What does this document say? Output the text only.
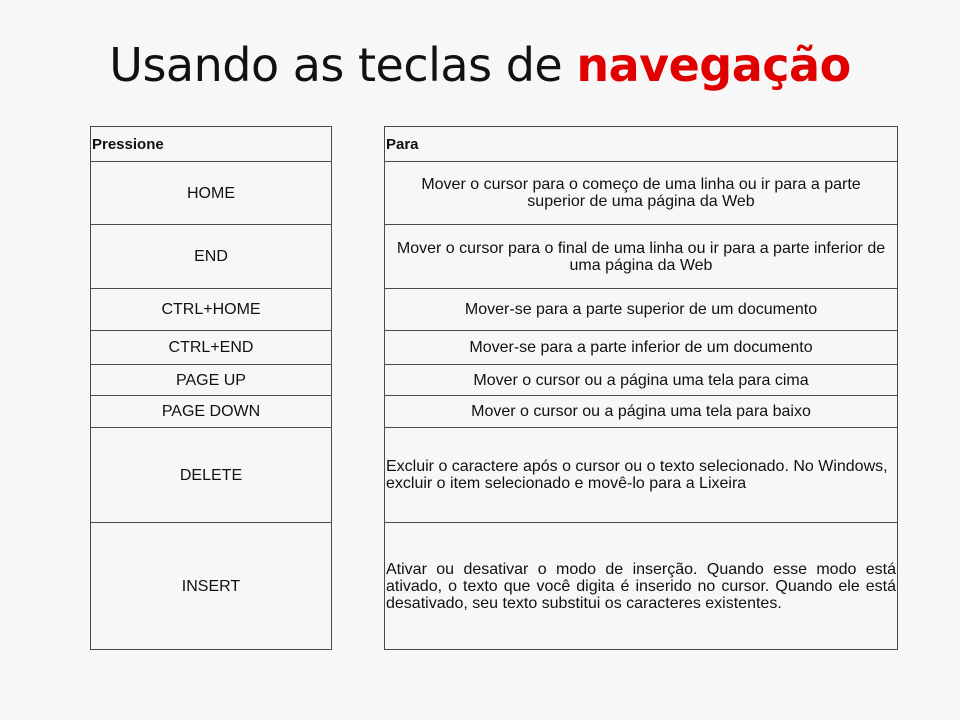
Usando as teclas de navegação
Pressione
HOME
END
CTRL+HOME
CTRL+END
PAGE UP
PAGE DOWN
DELETE
INSERT
Para
Mover o cursor para o começo de uma linha ou ir para a parte superior de uma página da Web
Mover o cursor para o final de uma linha ou ir para a parte inferior de uma página da Web
Mover-se para a parte superior de um documento
Mover-se para a parte inferior de um documento
Mover o cursor ou a página uma tela para cima
Mover o cursor ou a página uma tela para baixo
Excluir o caractere após o cursor ou o texto selecionado. No Windows, excluir o item selecionado e movê-lo para a Lixeira
Ativar ou desativar o modo de inserção. Quando esse modo está ativado, o texto que você digita é inserido no cursor. Quando ele está desativado, seu texto substitui os caracteres existentes.
